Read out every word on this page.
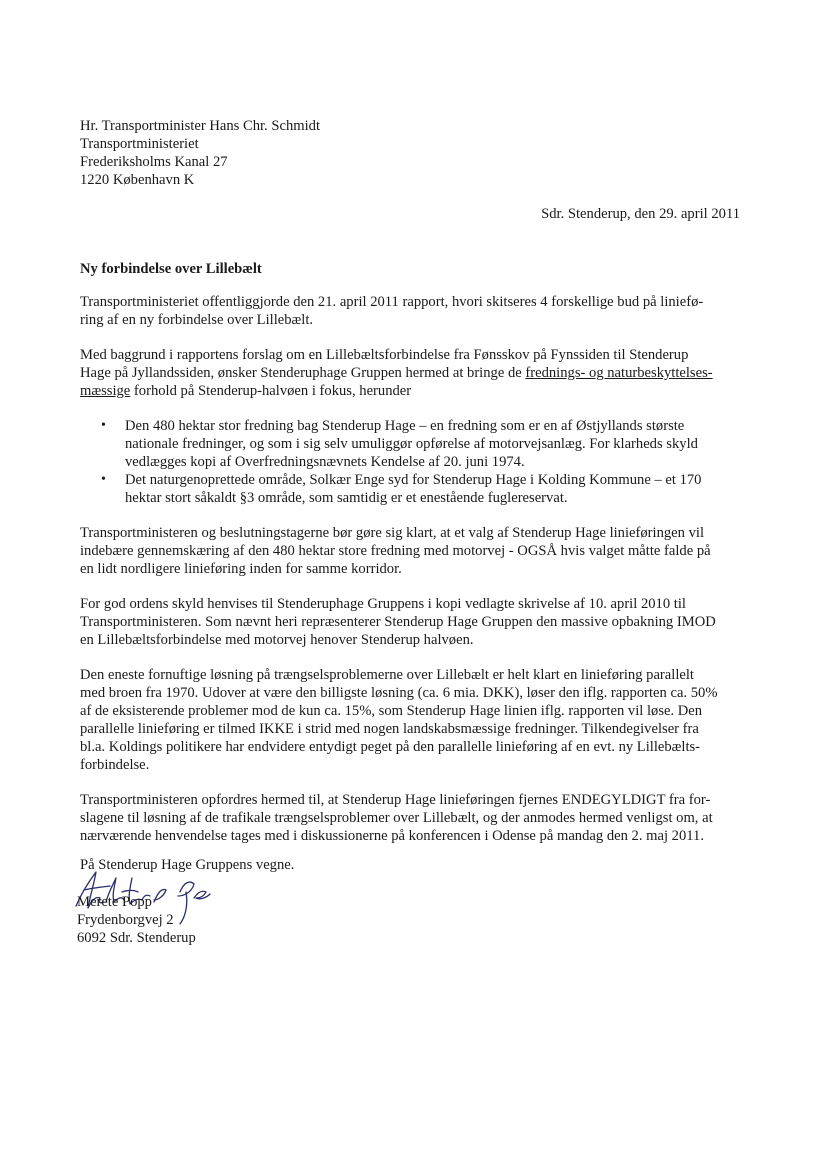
Hr. Transportminister Hans Chr. Schmidt
Transportministeriet
Frederiksholms Kanal 27
1220 København K
Sdr. Stenderup, den 29. april 2011
Ny forbindelse over Lillebælt

Transportministeriet offentliggjorde den 21. april 2011 rapport, hvori skitseres 4 forskellige bud på liniefø-
ring af en ny forbindelse over Lillebælt.

Med baggrund i rapportens forslag om en Lillebæltsforbindelse fra Fønsskov på Fynssiden til Stenderup
Hage på Jyllandssiden, ønsker Stenderuphage Gruppen hermed at bringe de frednings- og naturbeskyttelses-
mæssige forhold på Stenderup-halvøen i fokus, herunder

• Den 480 hektar stor fredning bag Stenderup Hage – en fredning som er en af Østjyllands største
nationale fredninger, og som i sig selv umuliggør opførelse af motorvejsanlæg. For klarheds skyld
vedlægges kopi af Overfredningsnævnets Kendelse af 20. juni 1974.
• Det naturgenoprettede område, Solkær Enge syd for Stenderup Hage i Kolding Kommune – et 170
hektar stort såkaldt §3 område, som samtidig er et enestående fuglereservat.

Transportministeren og beslutningstagerne bør gøre sig klart, at et valg af Stenderup Hage linieføringen vil
indebære gennemskæring af den 480 hektar store fredning med motorvej - OGSÅ hvis valget måtte falde på
en lidt nordligere linieføring inden for samme korridor.

For god ordens skyld henvises til Stenderuphage Gruppens i kopi vedlagte skrivelse af 10. april 2010 til
Transportministeren. Som nævnt heri repræsenterer Stenderup Hage Gruppen den massive opbakning IMOD
en Lillebæltsforbindelse med motorvej henover Stenderup halvøen.

Den eneste fornuftige løsning på trængselsproblemerne over Lillebælt er helt klart en linieføring parallelt
med broen fra 1970. Udover at være den billigste løsning (ca. 6 mia. DKK), løser den iflg. rapporten ca. 50%
af de eksisterende problemer mod de kun ca. 15%, som Stenderup Hage linien iflg. rapporten vil løse. Den
parallelle linieføring er tilmed IKKE i strid med nogen landskabsmæssige fredninger. Tilkendegivelser fra
bl.a. Koldings politikere har endvidere entydigt peget på den parallelle linieføring af en evt. ny Lillebælts-
forbindelse.

Transportministeren opfordres hermed til, at Stenderup Hage linieføringen fjernes ENDEGYLDIGT fra for-
slagene til løsning af de trafikale trængselsproblemer over Lillebælt, og der anmodes hermed venligst om, at
nærværende henvendelse tages med i diskussionerne på konferencen i Odense på mandag den 2. maj 2011.

På Stenderup Hage Gruppens vegne.
Merete Popp
Frydenborgvej 2
6092 Sdr. Stenderup
